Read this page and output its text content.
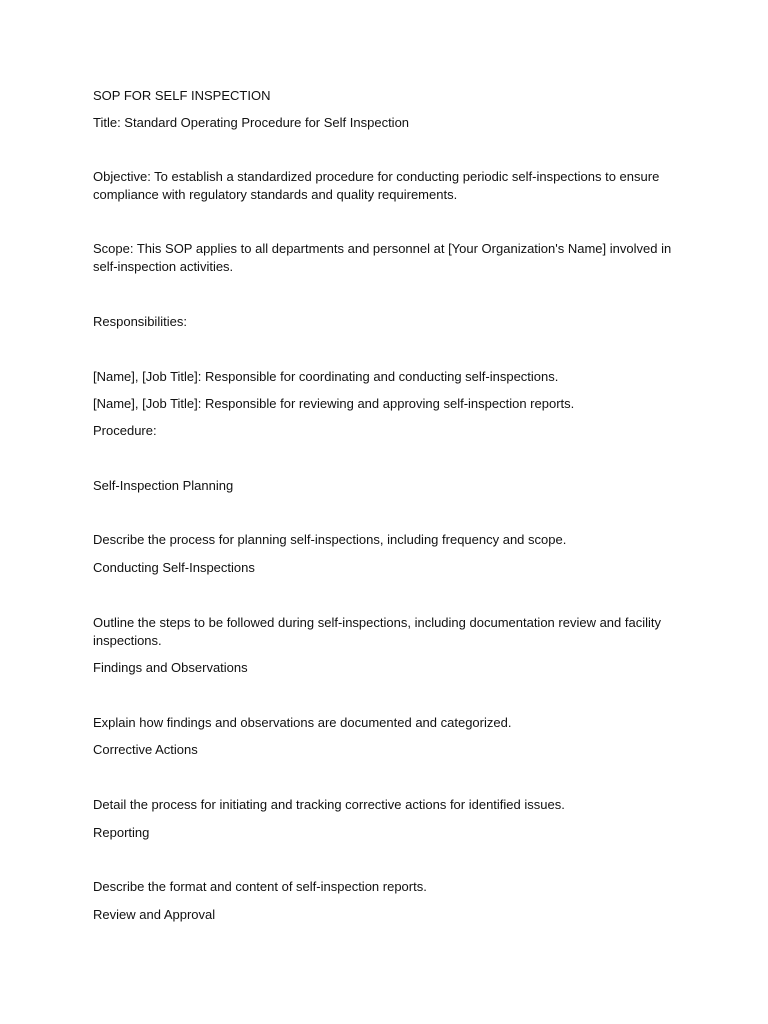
SOP FOR SELF INSPECTION
Title: Standard Operating Procedure for Self Inspection
Objective: To establish a standardized procedure for conducting periodic self-inspections to ensure compliance with regulatory standards and quality requirements.
Scope: This SOP applies to all departments and personnel at [Your Organization's Name] involved in self-inspection activities.
Responsibilities:
[Name], [Job Title]: Responsible for coordinating and conducting self-inspections.
[Name], [Job Title]: Responsible for reviewing and approving self-inspection reports.
Procedure:
Self-Inspection Planning
Describe the process for planning self-inspections, including frequency and scope.
Conducting Self-Inspections
Outline the steps to be followed during self-inspections, including documentation review and facility inspections.
Findings and Observations
Explain how findings and observations are documented and categorized.
Corrective Actions
Detail the process for initiating and tracking corrective actions for identified issues.
Reporting
Describe the format and content of self-inspection reports.
Review and Approval
